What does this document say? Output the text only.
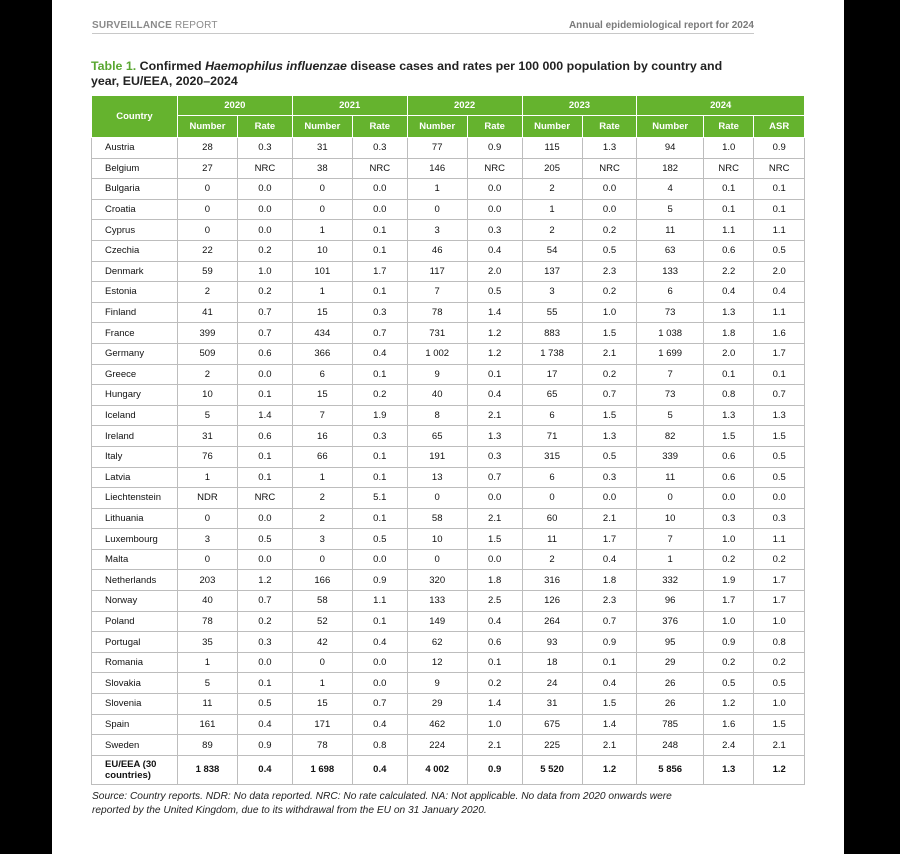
SURVEILLANCE REPORT	Annual epidemiological report for 2024
Table 1. Confirmed Haemophilus influenzae disease cases and rates per 100 000 population by country and year, EU/EEA, 2020–2024
Country	2020		2021		2022		2023		2024		
	Number	Rate	Number	Rate	Number	Rate	Number	Rate	Number	Rate	ASR
Austria	28	0.3	31	0.3	77	0.9	115	1.3	94	1.0	0.9
Belgium	27	NRC	38	NRC	146	NRC	205	NRC	182	NRC	NRC
Bulgaria	0	0.0	0	0.0	1	0.0	2	0.0	4	0.1	0.1
Croatia	0	0.0	0	0.0	0	0.0	1	0.0	5	0.1	0.1
Cyprus	0	0.0	1	0.1	3	0.3	2	0.2	11	1.1	1.1
Czechia	22	0.2	10	0.1	46	0.4	54	0.5	63	0.6	0.5
Denmark	59	1.0	101	1.7	117	2.0	137	2.3	133	2.2	2.0
Estonia	2	0.2	1	0.1	7	0.5	3	0.2	6	0.4	0.4
Finland	41	0.7	15	0.3	78	1.4	55	1.0	73	1.3	1.1
France	399	0.7	434	0.7	731	1.2	883	1.5	1 038	1.8	1.6
Germany	509	0.6	366	0.4	1 002	1.2	1 738	2.1	1 699	2.0	1.7
Greece	2	0.0	6	0.1	9	0.1	17	0.2	7	0.1	0.1
Hungary	10	0.1	15	0.2	40	0.4	65	0.7	73	0.8	0.7
Iceland	5	1.4	7	1.9	8	2.1	6	1.5	5	1.3	1.3
Ireland	31	0.6	16	0.3	65	1.3	71	1.3	82	1.5	1.5
Italy	76	0.1	66	0.1	191	0.3	315	0.5	339	0.6	0.5
Latvia	1	0.1	1	0.1	13	0.7	6	0.3	11	0.6	0.5
Liechtenstein	NDR	NRC	2	5.1	0	0.0	0	0.0	0	0.0	0.0
Lithuania	0	0.0	2	0.1	58	2.1	60	2.1	10	0.3	0.3
Luxembourg	3	0.5	3	0.5	10	1.5	11	1.7	7	1.0	1.1
Malta	0	0.0	0	0.0	0	0.0	2	0.4	1	0.2	0.2
Netherlands	203	1.2	166	0.9	320	1.8	316	1.8	332	1.9	1.7
Norway	40	0.7	58	1.1	133	2.5	126	2.3	96	1.7	1.7
Poland	78	0.2	52	0.1	149	0.4	264	0.7	376	1.0	1.0
Portugal	35	0.3	42	0.4	62	0.6	93	0.9	95	0.9	0.8
Romania	1	0.0	0	0.0	12	0.1	18	0.1	29	0.2	0.2
Slovakia	5	0.1	1	0.0	9	0.2	24	0.4	26	0.5	0.5
Slovenia	11	0.5	15	0.7	29	1.4	31	1.5	26	1.2	1.0
Spain	161	0.4	171	0.4	462	1.0	675	1.4	785	1.6	1.5
Sweden	89	0.9	78	0.8	224	2.1	225	2.1	248	2.4	2.1
EU/EEA (30 countries)	1 838	0.4	1 698	0.4	4 002	0.9	5 520	1.2	5 856	1.3	1.2
Source: Country reports. NDR: No data reported. NRC: No rate calculated. NA: Not applicable. No data from 2020 onwards were reported by the United Kingdom, due to its withdrawal from the EU on 31 January 2020.
